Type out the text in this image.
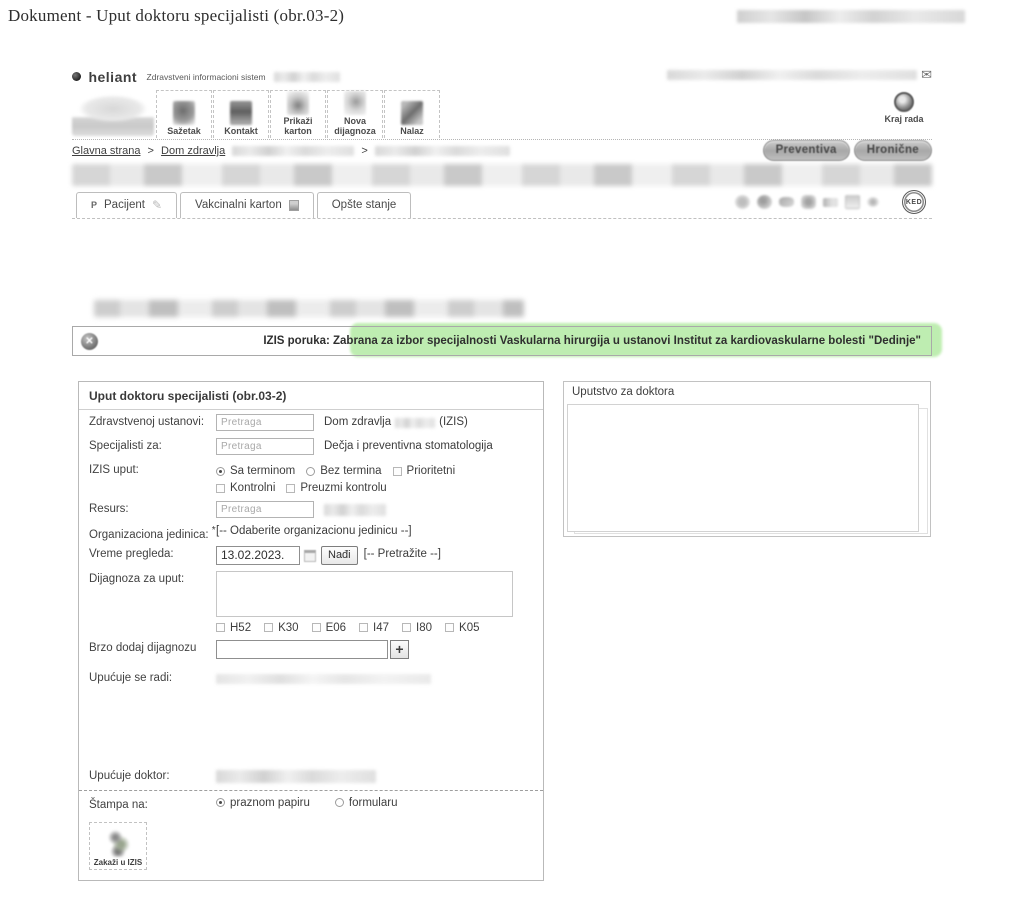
Dokument - Uput doktoru specijalisti (obr.03-2)
heliant Zdravstveni informacioni sistem	✉
Sažetak	Kontakt
Prikaži karton
Nova dijagnoza	Nalaz
Kraj rada
Glavna strana > Dom zdravlja	>	Preventiva	Hronične
P Pacijent ✎	Vakcinalni karton	Opšte stanje	KED
✕	IZIS poruka: Zabrana za izbor specijalnosti Vaskularna hirurgija u ustanovi Institut za kardiovaskularne bolesti "Dedinje"
Uput doktoru specijalisti (obr.03-2)
Zdravstvenoj ustanovi:
Pretraga	Dom zdravlja	(IZIS)
Specijalisti za:
Pretraga	Dečja i preventivna stomatologija
IZIS uput:	Sa terminom Bez termina Prioritetni
Kontrolni Preuzmi kontrolu
Resurs:
Pretraga
Organizaciona jedinica: * [-- Odaberite organizacionu jedinicu --]
Vreme pregleda:
13.02.2023.	Nađi	[-- Pretražite --]
Dijagnoza za uput:
H52 K30 E06 I47 I80 K05
Brzo dodaj dijagnozu	+
Upućuje se radi:
Upućuje doktor:
Štampa na:	praznom papiru	formularu
Zakaži u IZIS
Uputstvo za doktora
